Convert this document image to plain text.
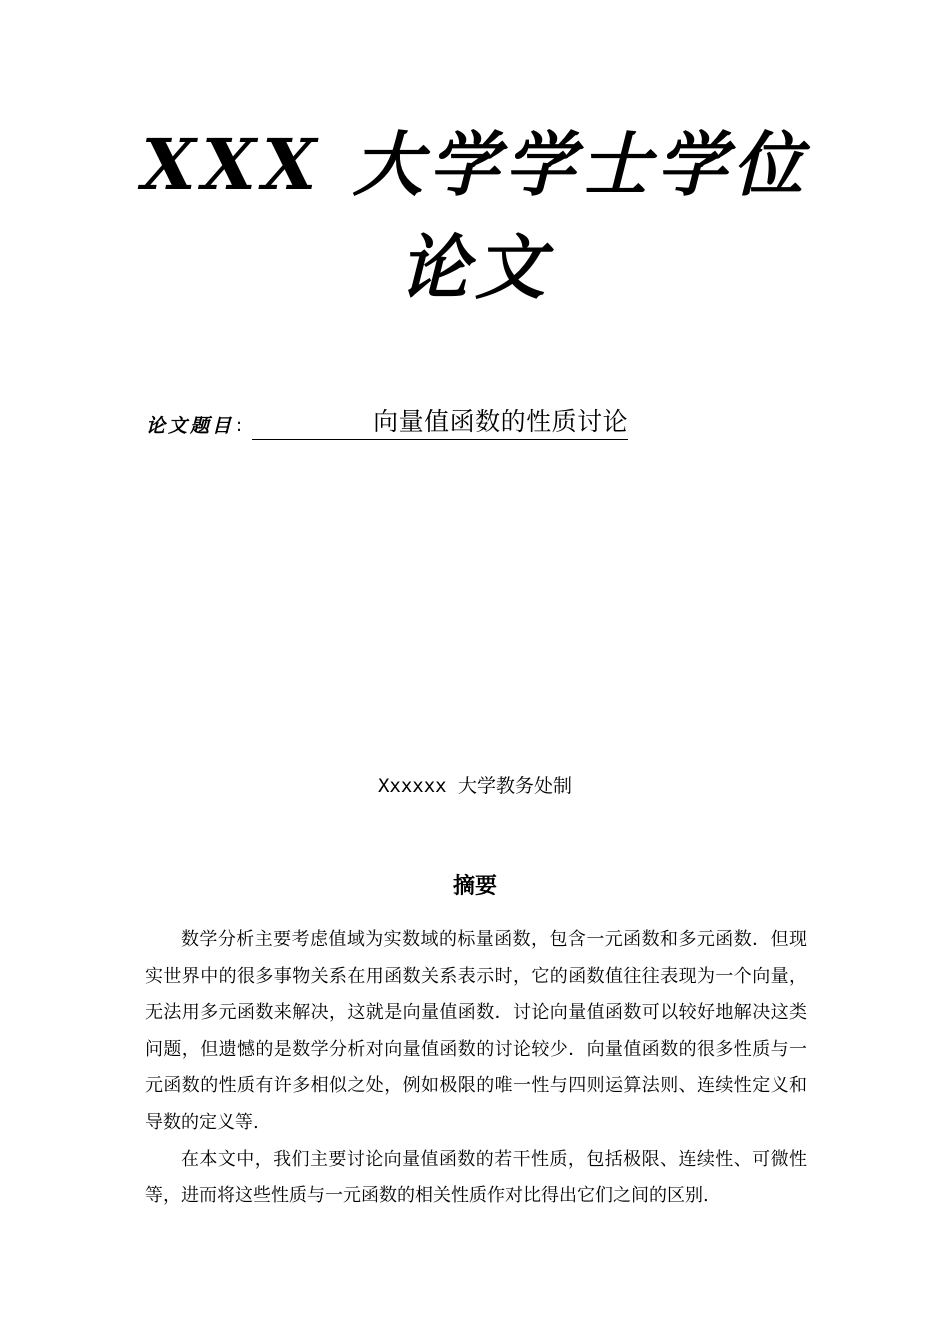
XXX 大学学士学位
论文
论文题目 :	向量值函数的性质讨论

Xxxxxx 大学教务处制

摘要

数学分析主要考虑值域为实数域的标量函数，包含一元函数和多元函数．但现实世界中的很多事物关系在用函数关系表示时，它的函数值往往表现为一个向量，无法用多元函数来解决，这就是向量值函数．讨论向量值函数可以较好地解决这类问题，但遗憾的是数学分析对向量值函数的讨论较少．向量值函数的很多性质与一元函数的性质有许多相似之处，例如极限的唯一性与四则运算法则、连续性定义和导数的定义等.

在本文中，我们主要讨论向量值函数的若干性质，包括极限、连续性、可微性等，进而将这些性质与一元函数的相关性质作对比得出它们之间的区别.
